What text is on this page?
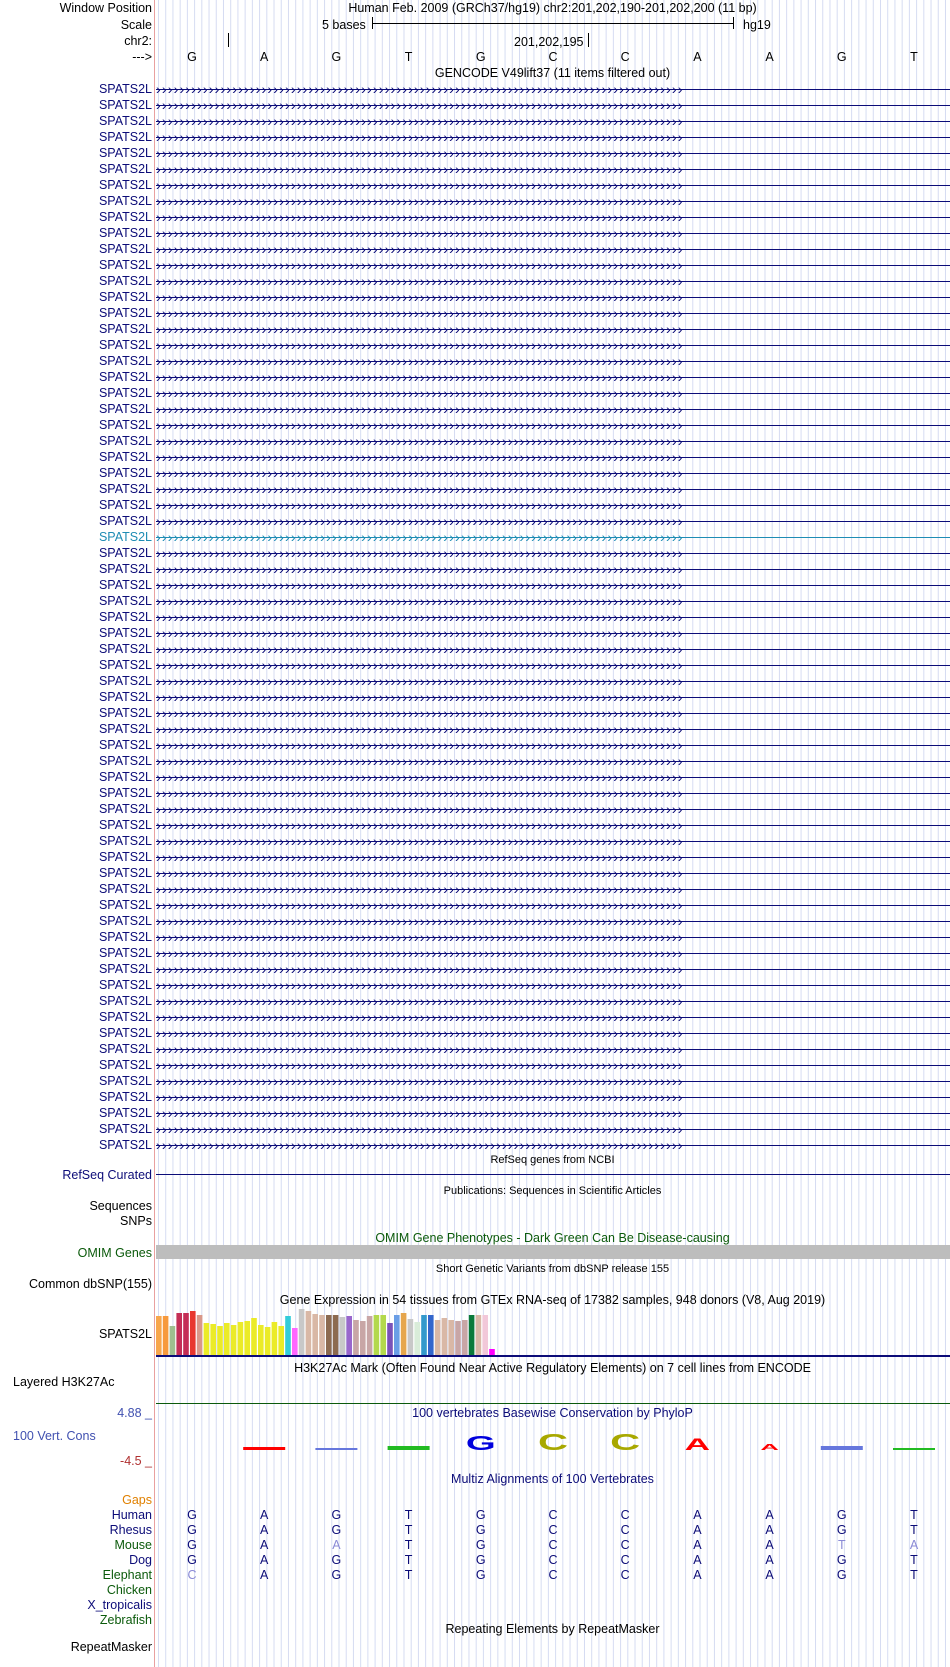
Window Position
Scale
chr2:
--->
Human Feb. 2009 (GRCh37/hg19) chr2:201,202,190-201,202,200 (11 bp)
5 bases	hg19
201,202,195
G	A	G	T	G	C	C	A	A	G	T
GENCODE V49lift37 (11 items filtered out)
SPATS2L ››››››››››››››››››››››››››››››››››››››››››››››››››››››››››››››››››››››››››››››››››››››››››
SPATS2L ››››››››››››››››››››››››››››››››››››››››››››››››››››››››››››››››››››››››››››››››››››››››››
SPATS2L ››››››››››››››››››››››››››››››››››››››››››››››››››››››››››››››››››››››››››››››››››››››››››
SPATS2L ››››››››››››››››››››››››››››››››››››››››››››››››››››››››››››››››››››››››››››››››››››››››››
SPATS2L ››››››››››››››››››››››››››››››››››››››››››››››››››››››››››››››››››››››››››››››››››››››››››
SPATS2L ››››››››››››››››››››››››››››››››››››››››››››››››››››››››››››››››››››››››››››››››››››››››››
SPATS2L ››››››››››››››››››››››››››››››››››››››››››››››››››››››››››››››››››››››››››››››››››››››››››
SPATS2L ››››››››››››››››››››››››››››››››››››››››››››››››››››››››››››››››››››››››››››››››››››››››››
SPATS2L ››››››››››››››››››››››››››››››››››››››››››››››››››››››››››››››››››››››››››››››››››››››››››
SPATS2L ››››››››››››››››››››››››››››››››››››››››››››››››››››››››››››››››››››››››››››››››››››››››››
SPATS2L ››››››››››››››››››››››››››››››››››››››››››››››››››››››››››››››››››››››››››››››››››››››››››
SPATS2L ››››››››››››››››››››››››››››››››››››››››››››››››››››››››››››››››››››››››››››››››››››››››››
SPATS2L ››››››››››››››››››››››››››››››››››››››››››››››››››››››››››››››››››››››››››››››››››››››››››
SPATS2L ››››››››››››››››››››››››››››››››››››››››››››››››››››››››››››››››››››››››››››››››››››››››››
SPATS2L ››››››››››››››››››››››››››››››››››››››››››››››››››››››››››››››››››››››››››››››››››››››››››
SPATS2L ››››››››››››››››››››››››››››››››››››››››››››››››››››››››››››››››››››››››››››››››››››››››››
SPATS2L ››››››››››››››››››››››››››››››››››››››››››››››››››››››››››››››››››››››››››››››››››››››››››
SPATS2L ››››››››››››››››››››››››››››››››››››››››››››››››››››››››››››››››››››››››››››››››››››››››››
SPATS2L ››››››››››››››››››››››››››››››››››››››››››››››››››››››››››››››››››››››››››››››››››››››››››
SPATS2L ››››››››››››››››››››››››››››››››››››››››››››››››››››››››››››››››››››››››››››››››››››››››››
SPATS2L ››››››››››››››››››››››››››››››››››››››››››››››››››››››››››››››››››››››››››››››››››››››››››
SPATS2L ››››››››››››››››››››››››››››››››››››››››››››››››››››››››››››››››››››››››››››››››››››››››››
SPATS2L ››››››››››››››››››››››››››››››››››››››››››››››››››››››››››››››››››››››››››››››››››››››››››
SPATS2L ››››››››››››››››››››››››››››››››››››››››››››››››››››››››››››››››››››››››››››››››››››››››››
SPATS2L ››››››››››››››››››››››››››››››››››››››››››››››››››››››››››››››››››››››››››››››››››››››››››
SPATS2L ››››››››››››››››››››››››››››››››››››››››››››››››››››››››››››››››››››››››››››››››››››››››››
SPATS2L ››››››››››››››››››››››››››››››››››››››››››››››››››››››››››››››››››››››››››››››››››››››››››
SPATS2L ››››››››››››››››››››››››››››››››››››››››››››››››››››››››››››››››››››››››››››››››››››››››››
SPATS2L ››››››››››››››››››››››››››››››››››››››››››››››››››››››››››››››››››››››››››››››››››››››››››
SPATS2L ››››››››››››››››››››››››››››››››››››››››››››››››››››››››››››››››››››››››››››››››››››››››››
SPATS2L ››››››››››››››››››››››››››››››››››››››››››››››››››››››››››››››››››››››››››››››››››››››››››
SPATS2L ››››››››››››››››››››››››››››››››››››››››››››››››››››››››››››››››››››››››››››››››››››››››››
SPATS2L ››››››››››››››››››››››››››››››››››››››››››››››››››››››››››››››››››››››››››››››››››››››››››
SPATS2L ››››››››››››››››››››››››››››››››››››››››››››››››››››››››››››››››››››››››››››››››››››››››››
SPATS2L ››››››››››››››››››››››››››››››››››››››››››››››››››››››››››››››››››››››››››››››››››››››››››
SPATS2L ››››››››››››››››››››››››››››››››››››››››››››››››››››››››››››››››››››››››››››››››››››››››››
SPATS2L ››››››››››››››››››››››››››››››››››››››››››››››››››››››››››››››››››››››››››››››››››››››››››
SPATS2L ››››››››››››››››››››››››››››››››››››››››››››››››››››››››››››››››››››››››››››››››››››››››››
SPATS2L ››››››››››››››››››››››››››››››››››››››››››››››››››››››››››››››››››››››››››››››››››››››››››
SPATS2L ››››››››››››››››››››››››››››››››››››››››››››››››››››››››››››››››››››››››››››››››››››››››››
SPATS2L ››››››››››››››››››››››››››››››››››››››››››››››››››››››››››››››››››››››››››››››››››››››››››
SPATS2L ››››››››››››››››››››››››››››››››››››››››››››››››››››››››››››››››››››››››››››››››››››››››››
SPATS2L ››››››››››››››››››››››››››››››››››››››››››››››››››››››››››››››››››››››››››››››››››››››››››
SPATS2L ››››››››››››››››››››››››››››››››››››››››››››››››››››››››››››››››››››››››››››››››››››››››››
SPATS2L ››››››››››››››››››››››››››››››››››››››››››››››››››››››››››››››››››››››››››››››››››››››››››
SPATS2L ››››››››››››››››››››››››››››››››››››››››››››››››››››››››››››››››››››››››››››››››››››››››››
SPATS2L ››››››››››››››››››››››››››››››››››››››››››››››››››››››››››››››››››››››››››››››››››››››››››
SPATS2L ››››››››››››››››››››››››››››››››››››››››››››››››››››››››››››››››››››››››››››››››››››››››››
SPATS2L ››››››››››››››››››››››››››››››››››››››››››››››››››››››››››››››››››››››››››››››››››››››››››
SPATS2L ››››››››››››››››››››››››››››››››››››››››››››››››››››››››››››››››››››››››››››››››››››››››››
SPATS2L ››››››››››››››››››››››››››››››››››››››››››››››››››››››››››››››››››››››››››››››››››››››››››
SPATS2L ››››››››››››››››››››››››››››››››››››››››››››››››››››››››››››››››››››››››››››››››››››››››››
SPATS2L ››››››››››››››››››››››››››››››››››››››››››››››››››››››››››››››››››››››››››››››››››››››››››
SPATS2L ››››››››››››››››››››››››››››››››››››››››››››››››››››››››››››››››››››››››››››››››››››››››››
SPATS2L ››››››››››››››››››››››››››››››››››››››››››››››››››››››››››››››››››››››››››››››››››››››››››
SPATS2L ››››››››››››››››››››››››››››››››››››››››››››››››››››››››››››››››››››››››››››››››››››››››››
SPATS2L ››››››››››››››››››››››››››››››››››››››››››››››››››››››››››››››››››››››››››››››››››››››››››
SPATS2L ››››››››››››››››››››››››››››››››››››››››››››››››››››››››››››››››››››››››››››››››››››››››››
SPATS2L ››››››››››››››››››››››››››››››››››››››››››››››››››››››››››››››››››››››››››››››››››››››››››
SPATS2L ››››››››››››››››››››››››››››››››››››››››››››››››››››››››››››››››››››››››››››››››››››››››››
SPATS2L ››››››››››››››››››››››››››››››››››››››››››››››››››››››››››››››››››››››››››››››››››››››››››
SPATS2L ››››››››››››››››››››››››››››››››››››››››››››››››››››››››››››››››››››››››››››››››››››››››››
SPATS2L ››››››››››››››››››››››››››››››››››››››››››››››››››››››››››››››››››››››››››››››››››››››››››
SPATS2L ››››››››››››››››››››››››››››››››››››››››››››››››››››››››››››››››››››››››››››››››››››››››››
SPATS2L ››››››››››››››››››››››››››››››››››››››››››››››››››››››››››››››››››››››››››››››››››››››››››
SPATS2L ››››››››››››››››››››››››››››››››››››››››››››››››››››››››››››››››››››››››››››››››››››››››››
SPATS2L ››››››››››››››››››››››››››››››››››››››››››››››››››››››››››››››››››››››››››››››››››››››››››
RefSeq genes from NCBI
RefSeq Curated
Publications: Sequences in Scientific Articles
Sequences
SNPs
OMIM Gene Phenotypes - Dark Green Can Be Disease-causing
OMIM Genes
Short Genetic Variants from dbSNP release 155
Common dbSNP(155)
Gene Expression in 54 tissues from GTEx RNA-seq of 17382 samples, 948 donors (V8, Aug 2019)
SPATS2L
H3K27Ac Mark (Often Found Near Active Regulatory Elements) on 7 cell lines from ENCODE
Layered H3K27Ac
100 vertebrates Basewise Conservation by PhyloP
4.88 _
100 Vert. Cons
-4.5 _
G C C A	A
Multiz Alignments of 100 Vertebrates
Gaps
Human	G	A	G	T	G	C	C	A	A	G	T
Rhesus	G	A	G	T	G	C	C	A	A	G	T
Mouse	G	A	A	T	G	C	C	A	A	T	A
Dog	G	A	G	T	G	C	C	A	A	G	T
Elephant	C	A	G	T	G	C	C	A	A	G	T
Chicken
X_tropicalis
Zebrafish
Repeating Elements by RepeatMasker
RepeatMasker
